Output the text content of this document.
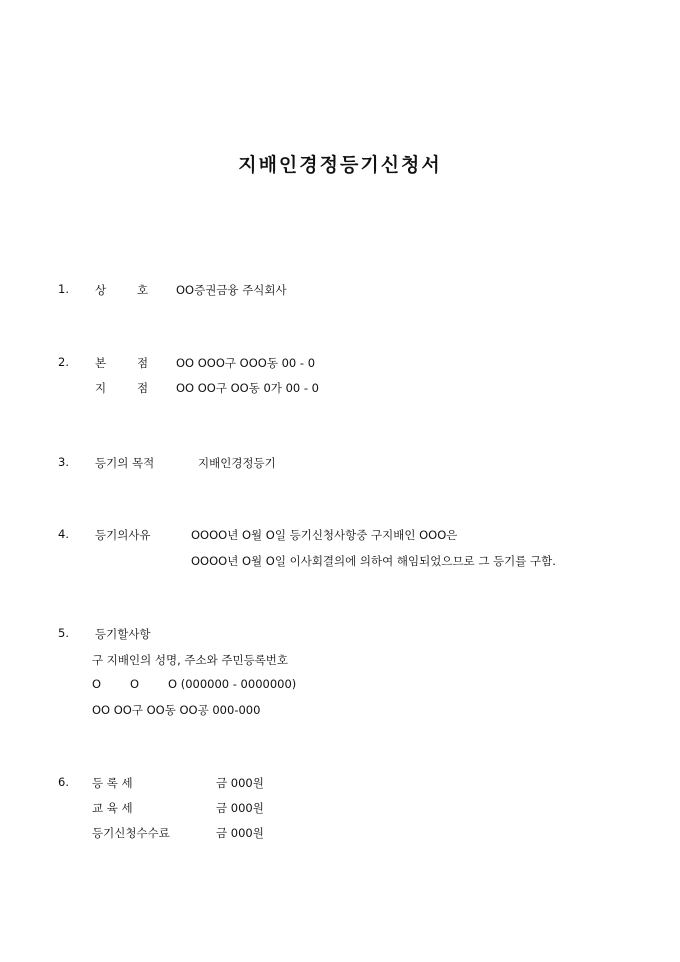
지배인경정등기신청서
1. 상	호 OO증권금융 주식회사
2. 본	점 OO OOO구 OOO동 00 - 0
지	점 OO OO구 OO동 0가 00 - 0
3. 등기의 목적	지배인경정등기
4. 등기의사유	OOOO년 O월 O일 등기신청사항중 구지배인 OOO은
OOOO년 O월 O일 이사회결의에 의하여 해임되었으므로 그 등기를 구함.
5. 등기할사항
구 지배인의 성명, 주소와 주민등록번호
O	O	O (000000 - 0000000)
OO OO구 OO동 OO공 000-000
6. 등 록 세	금 000원
교 육 세	금 000원
등기신청수수료	금 000원
